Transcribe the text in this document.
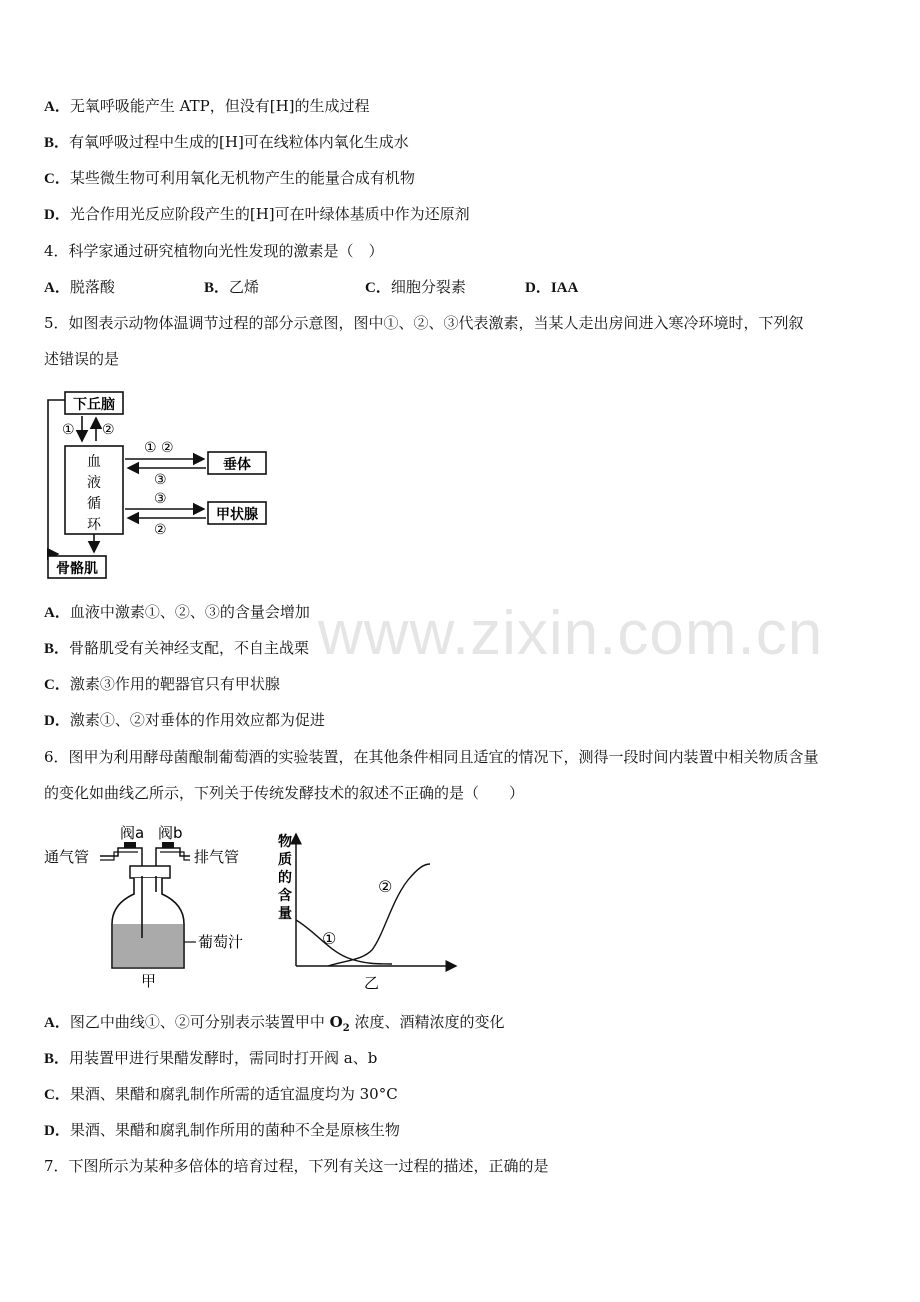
www.zixin.com.cn
A．无氧呼吸能产生 ATP，但没有[H]的生成过程
B．有氧呼吸过程中生成的[H]可在线粒体内氧化生成水
C．某些微生物可利用氧化无机物产生的能量合成有机物
D．光合作用光反应阶段产生的[H]可在叶绿体基质中作为还原剂
4．科学家通过研究植物向光性发现的激素是（　）
A．脱落酸	B．乙烯	C．细胞分裂素	D．IAA
5．如图表示动物体温调节过程的部分示意图，图中①、②、③代表激素，当某人走出房间进入寒冷环境时，下列叙
述错误的是
下丘脑
① ②
血
液
循
环
骨骼肌
垂体
① ②
③
甲状腺
③
②
A．血液中激素①、②、③的含量会增加
B．骨骼肌受有关神经支配，不自主战栗
C．激素③作用的靶器官只有甲状腺
D．激素①、②对垂体的作用效应都为促进
6．图甲为利用酵母菌酿制葡萄酒的实验装置，在其他条件相同且适宜的情况下，测得一段时间内装置中相关物质含量
的变化如曲线乙所示，下列关于传统发酵技术的叙述不正确的是（　　）
阀a 阀b
通气管	排气管
葡萄汁
甲
物
质
的
含
量
①
②
乙
A．图乙中曲线①、②可分别表示装置甲中 $O_2$ 浓度、酒精浓度的变化
B．用装置甲进行果醋发酵时，需同时打开阀 a、b
C．果酒、果醋和腐乳制作所需的适宜温度均为 30°C
D．果酒、果醋和腐乳制作所用的菌种不全是原核生物
7．下图所示为某种多倍体的培育过程，下列有关这一过程的描述，正确的是
